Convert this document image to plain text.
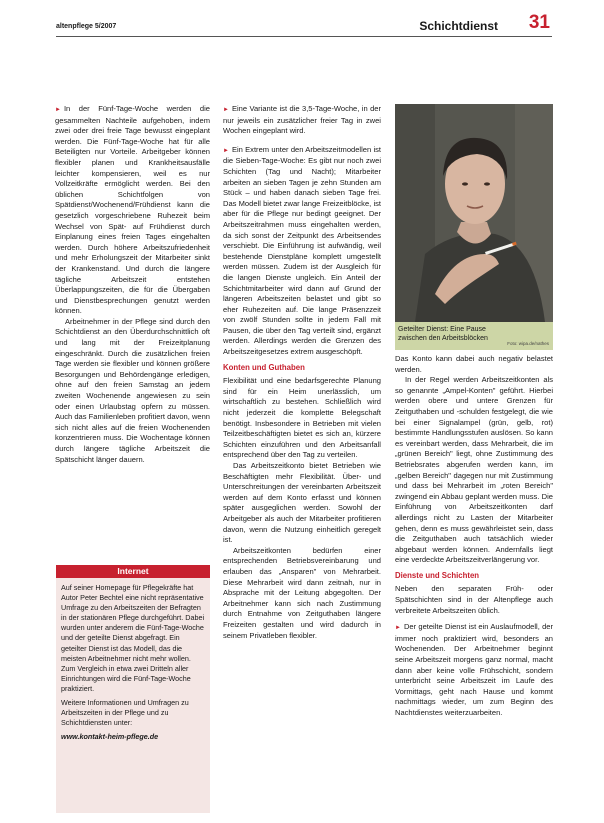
altenpflege 5/2007	Schichtdienst 31

► In der Fünf-Tage-Woche werden die gesammelten Nachteile aufgehoben, indem zwei oder drei freie Tage bewusst eingeplant werden. Die Fünf-Tage-Woche hat für alle Beteiligten nur Vorteile. Arbeitgeber können flexibler planen und Krankheitsausfälle leichter kompensieren, weil es nur Vollzeitkräfte ermöglicht werden. Bei den üblichen Schichtfolgen von Spätdienst/Wochenend/Frühdienst kann die gesetzlich vorgeschriebene Ruhezeit beim Wechsel von Spät- auf Frühdienst durch Einplanung eines freien Tages eingehalten werden. Durch höhere Arbeitszufriedenheit und mehr Erholungszeit der Mitarbeiter sinkt der Krankenstand. Und durch die längere tägliche Arbeitszeit entstehen Überlappungszeiten, die für die Übergaben und Dienstbesprechungen genutzt werden können.

Arbeitnehmer in der Pflege sind durch den Schichtdienst an den Überdurchschnittlich oft und lang mit der Freizeitplanung eingeschränkt. Durch die zusätzlichen freien Tage werden sie flexibler und können größere Besorgungen und Behördengänge erledigen, ohne auf den freien Samstag an jedem zweiten Wochenende angewiesen zu sein oder einen Urlaubstag opfern zu müssen. Auch das Familienleben profitiert davon, wenn sich nicht alles auf die freien Wochenenden konzentrieren muss. Die Wochentage können durch längere tägliche Arbeitszeit die Spätschicht länger dauern.

Internet

Auf seiner Homepage für Pflegekräfte hat Autor Peter Bechtel eine nicht repräsentative Umfrage zu den Arbeitszeiten der Befragten in der stationären Pflege durchgeführt. Dabei wurden unter anderem die Fünf-Tage-Woche und der geteilte Dienst abgefragt. Ein geteilter Dienst ist das Modell, das die meisten Arbeitnehmer nicht mehr wollen. Zum Vergleich in etwa zwei Dritteln aller Einrichtungen wird die Fünf-Tage-Woche praktiziert.

Weitere Informationen und Umfragen zu Arbeitszeiten in der Pflege und zu Schichtdiensten unter:

www.kontakt-heim-pflege.de

► Eine Variante ist die 3,5-Tage-Woche, in der nur jeweils ein zusätzlicher freier Tag in zwei Wochen eingeplant wird.

► Ein Extrem unter den Arbeitszeitmodellen ist die Sieben-Tage-Woche: Es gibt nur noch zwei Schichten (Tag und Nacht); Mitarbeiter arbeiten an sieben Tagen je zehn Stunden am Stück – und haben danach sieben Tage frei. Das Modell bietet zwar lange Freizeitblöcke, ist aber für die Pflege nur bedingt geeignet. Der Arbeitszeitrahmen muss eingehalten werden, da sich sonst der Zeitpunkt des Arbeitsendes verschiebt. Die Einführung ist aufwändig, weil bestehende Dienstpläne komplett umgestellt werden müssen. Zudem ist der Ausgleich für die langen Dienste ungleich. Ein Anteil der Schichtmitarbeiter wird dann auf Grund der längeren Arbeitszeiten belastet und gibt so eher Ruhezeiten auf. Die lange Präsenzzeit von zwölf Stunden sollte in jedem Fall mit Pausen, die über den Tag verteilt sind, ergänzt werden. Allerdings werden die Grenzen des Arbeitszeitgesetzes extrem ausgeschöpft.

Konten und Guthaben

Flexibilität und eine bedarfsgerechte Planung sind für ein Heim unerlässlich, um wirtschaftlich zu bestehen. Schließlich wird nicht jederzeit die komplette Belegschaft benötigt. Insbesondere in Betrieben mit vielen Teilzeitbeschäftigten bietet es sich an, kürzere Schichten einzuführen und den Arbeitsanfall entsprechend über den Tag zu verteilen.

Das Arbeitszeitkonto bietet Betrieben wie Beschäftigten mehr Flexibilität. Über- und Unterschreitungen der vereinbarten Arbeitszeit werden auf dem Konto erfasst und können später ausgeglichen werden. Sowohl der Arbeitgeber als auch der Mitarbeiter profitieren davon, wenn die Nutzung einheitlich geregelt ist.

Arbeitszeitkonten bedürfen einer entsprechenden Betriebsvereinbarung und erlauben das „Ansparen" von Mehrarbeit. Diese Mehrarbeit wird dann zeitnah, nur in Absprache mit der Leitung abgegolten. Der Arbeitnehmer kann sich nach Zustimmung durch Entnahme von Zeitguthaben längere Freizeiten gestalten und wird dadurch in seinem Privatleben flexibler.

Geteilter Dienst: Eine Pause zwischen den Arbeitsblöcken
Foto: wipa.de/nathes

Das Konto kann dabei auch negativ belastet werden.

In der Regel werden Arbeitszeitkonten als so genannte „Ampel-Konten" geführt. Hierbei werden obere und untere Grenzen für Zeitguthaben und -schulden festgelegt, die wie bei einer Signalampel (grün, gelb, rot) bestimmte Handlungsstufen auslösen. So kann es vereinbart werden, dass Mehrarbeit, die im „grünen Bereich" liegt, ohne Zustimmung des Betriebsrates abgerufen werden kann, im „gelben Bereich" dagegen nur mit Zustimmung und dass bei Mehrarbeit im „roten Bereich" zwingend ein Abbau geplant werden muss. Die Einführung von Arbeitszeitkonten darf allerdings nicht zu Lasten der Mitarbeiter gehen, denn es muss gewährleistet sein, dass die Zeitguthaben auch tatsächlich wieder abgebaut werden können. Andernfalls liegt eine verdeckte Arbeitszeitverlängerung vor.

Dienste und Schichten

Neben den separaten Früh- oder Spätschichten sind in der Altenpflege auch verbreitete Arbeitszeiten üblich.

► Der geteilte Dienst ist ein Auslaufmodell, der immer noch praktiziert wird, besonders an Wochenenden. Der Arbeitnehmer beginnt seine Arbeitszeit morgens ganz normal, macht dann aber keine volle Frühschicht, sondern unterbricht seine Arbeitszeit im Laufe des Vormittags, geht nach Hause und kommt nachmittags wieder, um zum Beginn des Nachtdienstes weiterzuarbeiten.
